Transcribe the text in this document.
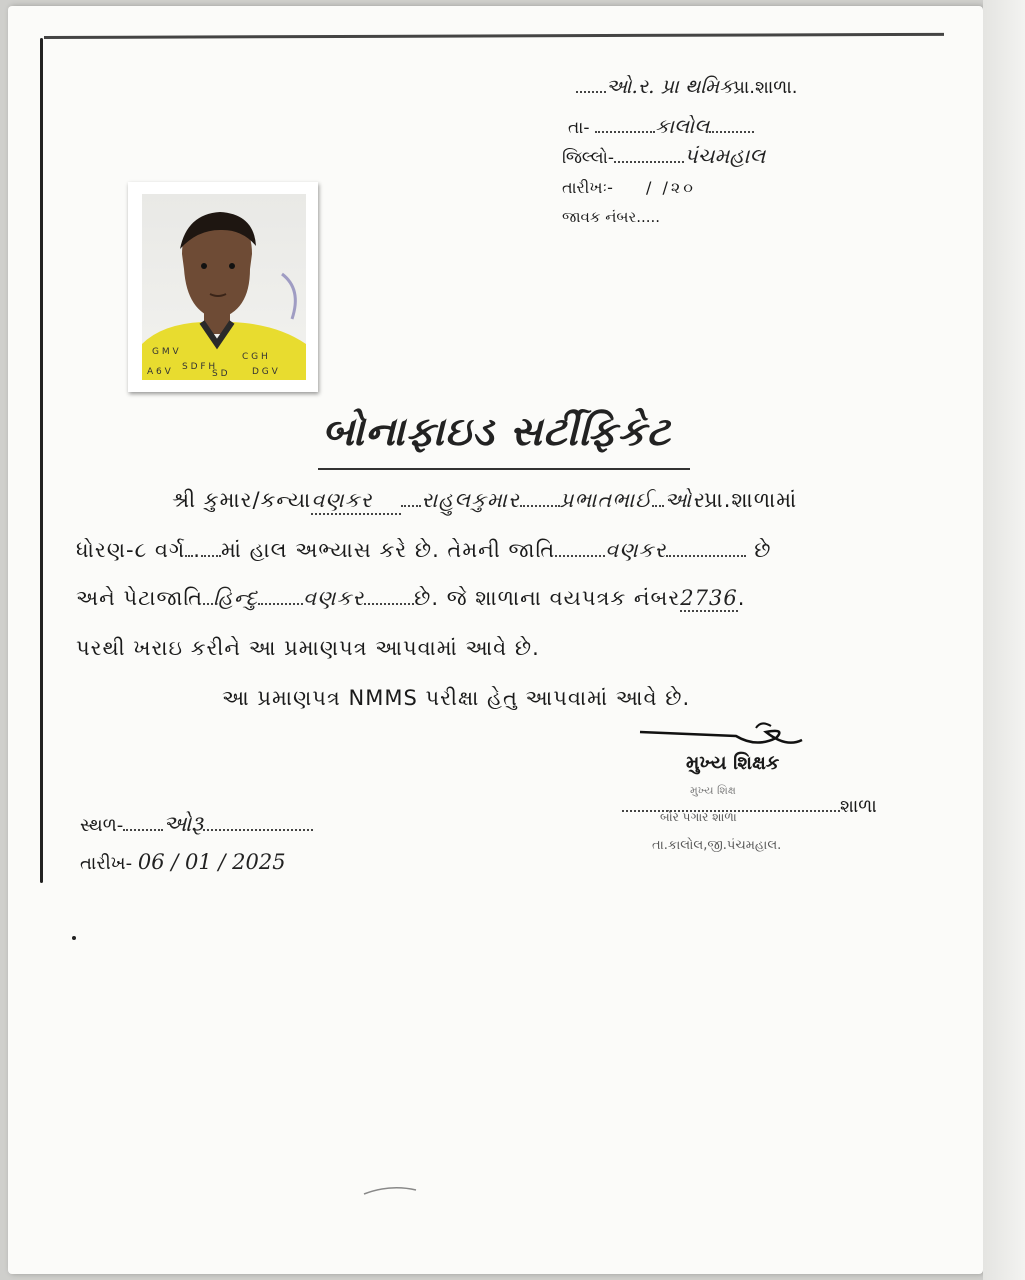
ઓ.ર. પ્રા થમિકપ્રા.શાળા.
તા-	કાલોલ
જિલ્લો-	પંચમહાલ
તારીખઃ- / /૨૦
જાવક નંબર.....
G M V
S D F H
C G H
D G V
A 6 V	S D
બોનાફાઇડ સર્ટીફિકેટ
શ્રી કુમાર/કન્યાવણકર રાહુલકુમાર પ્રભાતભાઈ ઓરપ્રા.શાળામાં
ધોરણ-૮ વર્ગ . માં હાલ અભ્યાસ કરે છે. તેમની જાતિ વણકર	છે
અને પેટાજાતિ હિન્દુ વણકર છે. જે શાળાના વયપત્રક નંબર2736.
પરથી ખરાઇ કરીને આ પ્રમાણપત્ર આપવામાં આવે છે.
આ પ્રમાણપત્ર NMMS પરીક્ષા હેતુ આપવામાં આવે છે.
મુખ્ય શિક્ષક
મુખ્ય શિક્ષ
શાળા
બોર પગાર શાળા
તા.કાલોલ,જી.પંચમહાલ.
સ્થળ- ઓરૂ
તારીખ- 06 / 01 / 2025
